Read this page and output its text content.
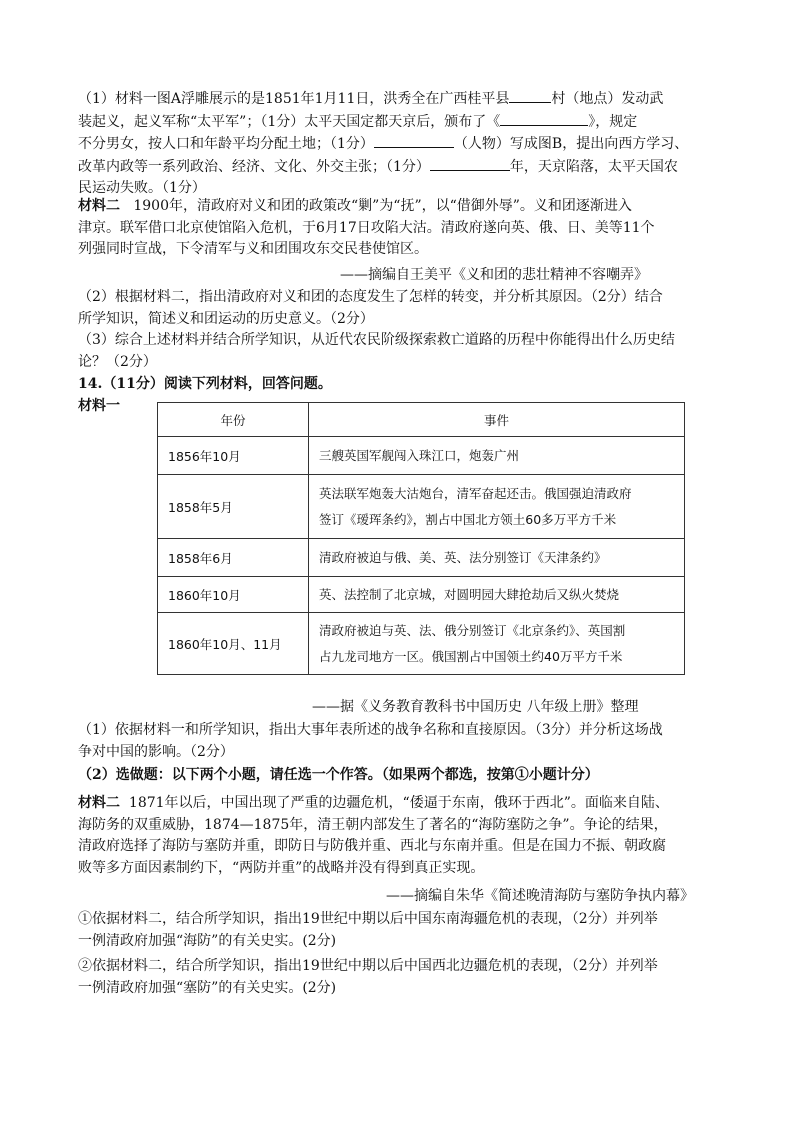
（1）材料一图A浮雕展示的是1851年1月11日，洪秀全在广西桂平县	村（地点）发动武

装起义，起义军称“太平军”；（1分）太平天国定都天京后，颁布了《	》，规定

不分男女，按人口和年龄平均分配土地；（1分）	（人物）写成图B，提出向西方学习、

改革内政等一系列政治、经济、文化、外交主张；（1分）	年，天京陷落，太平天国农

民运动失败。（1分）

材料二 1900年，清政府对义和团的政策改“剿”为“抚”，以“借御外辱”。义和团逐渐进入

津京。联军借口北京使馆陷入危机，于6月17日攻陷大沽。清政府遂向英、俄、日、美等11个

列强同时宣战，下令清军与义和团围攻东交民巷使馆区。

——摘编自王美平《义和团的悲壮精神不容嘲弄》

（2）根据材料二，指出清政府对义和团的态度发生了怎样的转变，并分析其原因。（2分）结合

所学知识，简述义和团运动的历史意义。（2分）

（3）综合上述材料并结合所学知识，从近代农民阶级探索救亡道路的历程中你能得出什么历史结

论？（2分）

14.（11分）阅读下列材料，回答问题。

材料一
年份	事件
1856年10月	三艘英国军舰闯入珠江口，炮轰广州
1858年5月	英法联军炮轰大沽炮台，清军奋起还击。俄国强迫清政府
签订《瑷珲条约》，割占中国北方领土60多万平方千米

1858年6月	清政府被迫与俄、美、英、法分别签订《天津条约》
1860年10月	英、法控制了北京城，对圆明园大肆抢劫后又纵火焚烧
1860年10月、11月	清政府被迫与英、法、俄分别签订《北京条约》、英国割
占九龙司地方一区。俄国割占中国领土约40万平方千米
——据《义务教育教科书中国历史 八年级上册》整理

（1）依据材料一和所学知识，指出大事年表所述的战争名称和直接原因。（3分）并分析这场战

争对中国的影响。（2分）

（2）选做题：以下两个小题，请任选一个作答。（如果两个都选，按第①小题计分）

材料二 1871年以后，中国出现了严重的边疆危机，“倭逼于东南，俄环于西北”。面临来自陆、

海防务的双重威胁，1874—1875年，清王朝内部发生了著名的“海防塞防之争”。争论的结果，

清政府选择了海防与塞防并重，即防日与防俄并重、西北与东南并重。但是在国力不振、朝政腐

败等多方面因素制约下，“两防并重”的战略并没有得到真正实现。

——摘编自朱华《简述晚清海防与塞防争执内幕》

①依据材料二，结合所学知识，指出19世纪中期以后中国东南海疆危机的表现，（2分）并列举

一例清政府加强“海防”的有关史实。(2分)

②依据材料二，结合所学知识，指出19世纪中期以后中国西北边疆危机的表现，（2分）并列举

一例清政府加强“塞防”的有关史实。(2分)
